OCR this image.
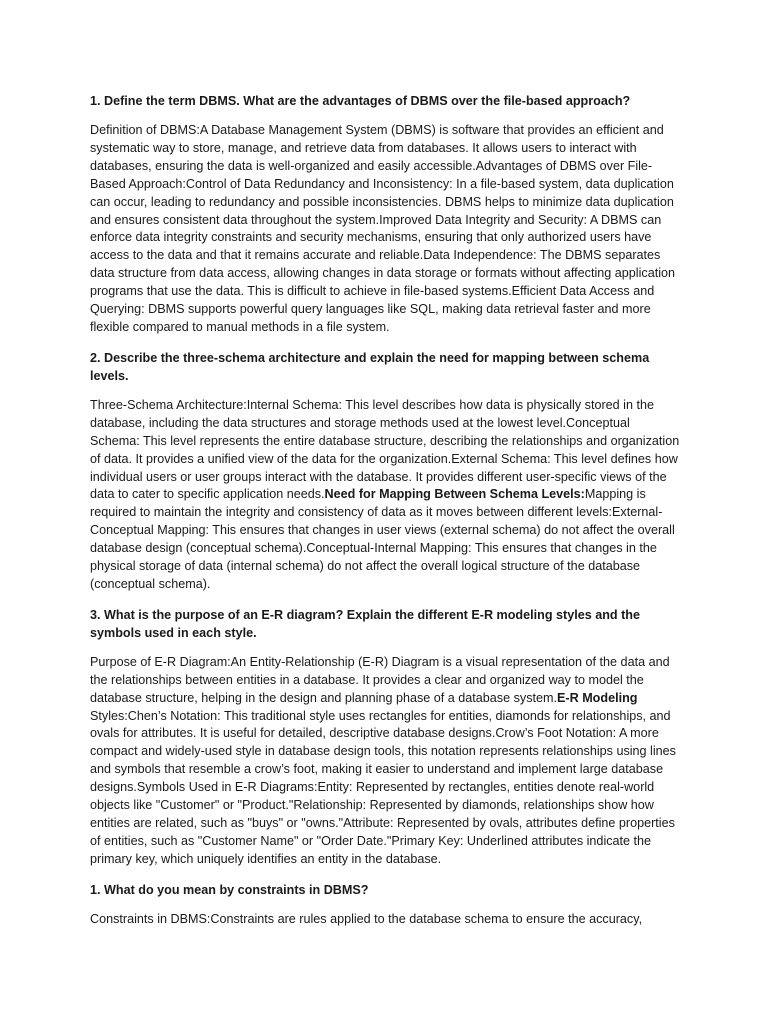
1. Define the term DBMS. What are the advantages of DBMS over the file-based approach?

Definition of DBMS:A Database Management System (DBMS) is software that provides an efficient and systematic way to store, manage, and retrieve data from databases. It allows users to interact with databases, ensuring the data is well-organized and easily accessible.Advantages of DBMS over File-Based Approach:Control of Data Redundancy and Inconsistency: In a file-based system, data duplication can occur, leading to redundancy and possible inconsistencies. DBMS helps to minimize data duplication and ensures consistent data throughout the system.Improved Data Integrity and Security: A DBMS can enforce data integrity constraints and security mechanisms, ensuring that only authorized users have access to the data and that it remains accurate and reliable.Data Independence: The DBMS separates data structure from data access, allowing changes in data storage or formats without affecting application programs that use the data. This is difficult to achieve in file-based systems.Efficient Data Access and Querying: DBMS supports powerful query languages like SQL, making data retrieval faster and more flexible compared to manual methods in a file system.

2. Describe the three-schema architecture and explain the need for mapping between schema levels.

Three-Schema Architecture:Internal Schema: This level describes how data is physically stored in the database, including the data structures and storage methods used at the lowest level.Conceptual Schema: This level represents the entire database structure, describing the relationships and organization of data. It provides a unified view of the data for the organization.External Schema: This level defines how individual users or user groups interact with the database. It provides different user-specific views of the data to cater to specific application needs.Need for Mapping Between Schema Levels:Mapping is required to maintain the integrity and consistency of data as it moves between different levels:External-Conceptual Mapping: This ensures that changes in user views (external schema) do not affect the overall database design (conceptual schema).Conceptual-Internal Mapping: This ensures that changes in the physical storage of data (internal schema) do not affect the overall logical structure of the database (conceptual schema).

3. What is the purpose of an E-R diagram? Explain the different E-R modeling styles and the symbols used in each style.

Purpose of E-R Diagram:An Entity-Relationship (E-R) Diagram is a visual representation of the data and the relationships between entities in a database. It provides a clear and organized way to model the database structure, helping in the design and planning phase of a database system.E-R Modeling Styles:Chen’s Notation: This traditional style uses rectangles for entities, diamonds for relationships, and ovals for attributes. It is useful for detailed, descriptive database designs.Crow’s Foot Notation: A more compact and widely-used style in database design tools, this notation represents relationships using lines and symbols that resemble a crow’s foot, making it easier to understand and implement large database designs.Symbols Used in E-R Diagrams:Entity: Represented by rectangles, entities denote real-world objects like "Customer" or "Product."Relationship: Represented by diamonds, relationships show how entities are related, such as "buys" or "owns."Attribute: Represented by ovals, attributes define properties of entities, such as "Customer Name" or "Order Date."Primary Key: Underlined attributes indicate the primary key, which uniquely identifies an entity in the database.

1. What do you mean by constraints in DBMS?

Constraints in DBMS:Constraints are rules applied to the database schema to ensure the accuracy,
